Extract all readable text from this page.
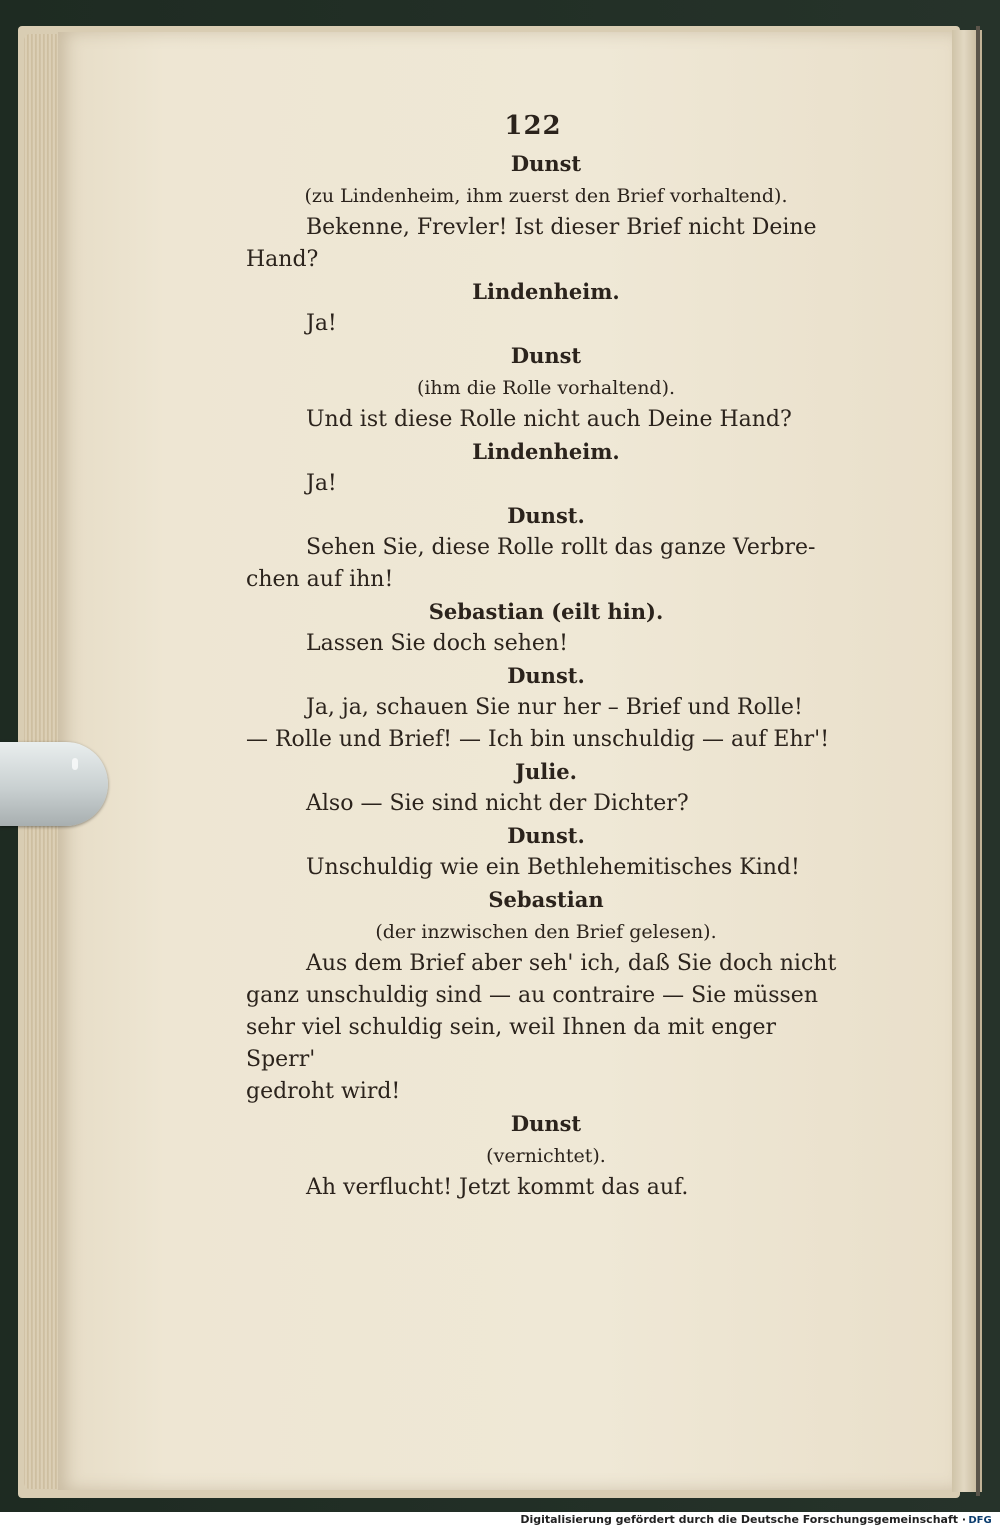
122
Dunst
(zu Lindenheim, ihm zuerst den Brief vorhaltend).
Bekenne, Frevler! Ist dieser Brief nicht Deine
Hand?
Lindenheim.
Ja!
Dunst
(ihm die Rolle vorhaltend).
Und ist diese Rolle nicht auch Deine Hand?
Lindenheim.
Ja!
Dunst.
Sehen Sie, diese Rolle rollt das ganze Verbre-
chen auf ihn!
Sebastian (eilt hin).
Lassen Sie doch sehen!
Dunst.
Ja, ja, schauen Sie nur her – Brief und Rolle!
— Rolle und Brief! — Ich bin unschuldig — auf Ehr'!
Julie.
Also — Sie sind nicht der Dichter?
Dunst.
Unschuldig wie ein Bethlehemitisches Kind!
Sebastian
(der inzwischen den Brief gelesen).
Aus dem Brief aber seh' ich, daß Sie doch nicht
ganz unschuldig sind — au contraire — Sie müssen
sehr viel schuldig sein, weil Ihnen da mit enger Sperr'
gedroht wird!
Dunst
(vernichtet).
Ah verflucht! Jetzt kommt das auf.
Digitalisierung gefördert durch die Deutsche Forschungsgemeinschaft · DFG
